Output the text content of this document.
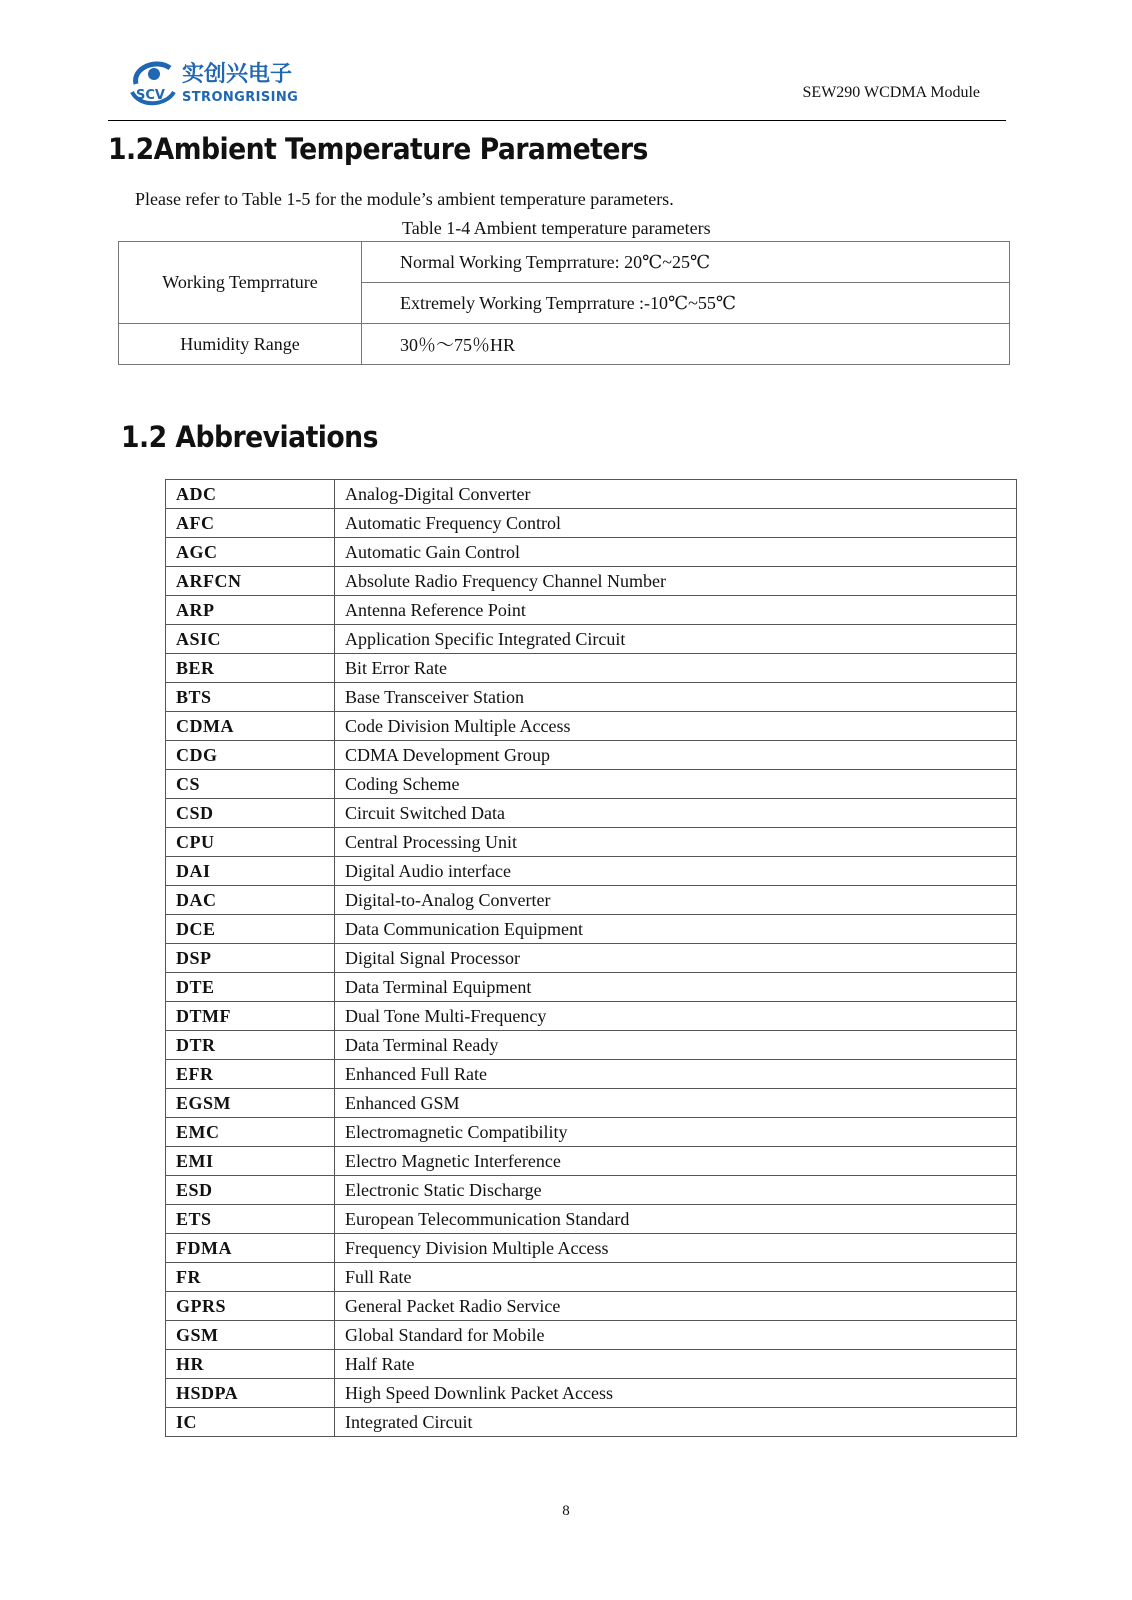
SCV
实创兴电子
STRONGRISING	SEW290 WCDMA Module
1.2Ambient Temperature Parameters
Please refer to Table 1-5 for the module’s ambient temperature parameters.
Table 1-4 Ambient temperature parameters
Working Temprrature	Normal Working Temprrature: 20℃~25℃
	Extremely Working Temprrature :-10℃~55℃
Humidity Range	30％～75％HR
1.2 Abbreviations
ADC	Analog-Digital Converter
AFC	Automatic Frequency Control
AGC	Automatic Gain Control
ARFCN	Absolute Radio Frequency Channel Number
ARP	Antenna Reference Point
ASIC	Application Specific Integrated Circuit
BER	Bit Error Rate
BTS	Base Transceiver Station
CDMA	Code Division Multiple Access
CDG	CDMA Development Group
CS	Coding Scheme
CSD	Circuit Switched Data
CPU	Central Processing Unit
DAI	Digital Audio interface
DAC	Digital-to-Analog Converter
DCE	Data Communication Equipment
DSP	Digital Signal Processor
DTE	Data Terminal Equipment
DTMF	Dual Tone Multi-Frequency
DTR	Data Terminal Ready
EFR	Enhanced Full Rate
EGSM	Enhanced GSM
EMC	Electromagnetic Compatibility
EMI	Electro Magnetic Interference
ESD	Electronic Static Discharge
ETS	European Telecommunication Standard
FDMA	Frequency Division Multiple Access
FR	Full Rate
GPRS	General Packet Radio Service
GSM	Global Standard for Mobile
HR	Half Rate
HSDPA	High Speed Downlink Packet Access
IC	Integrated Circuit
8
